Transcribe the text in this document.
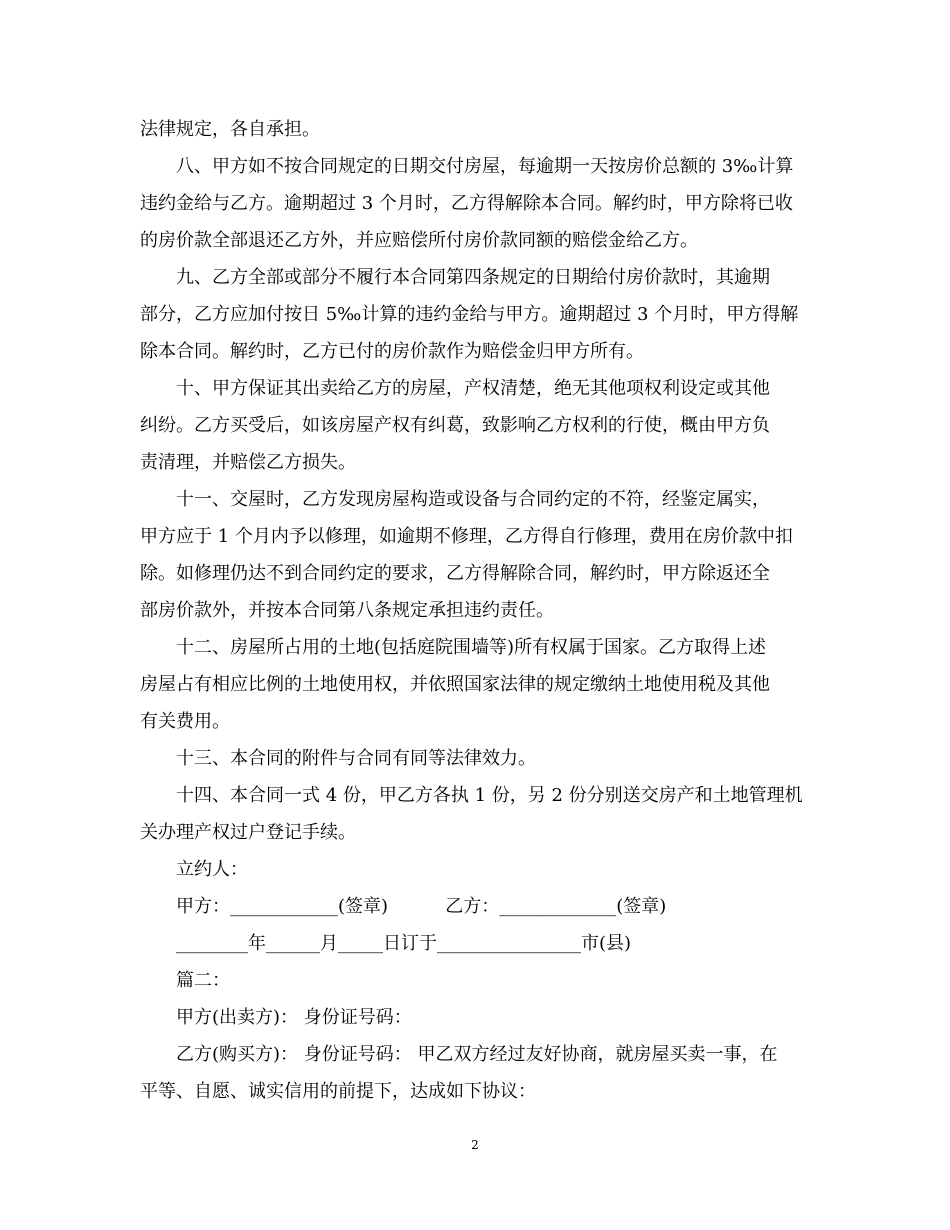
法律规定，各自承担。
八、甲方如不按合同规定的日期交付房屋，每逾期一天按房价总额的 3‰计算
违约金给与乙方。逾期超过 3 个月时，乙方得解除本合同。解约时，甲方除将已收
的房价款全部退还乙方外，并应赔偿所付房价款同额的赔偿金给乙方。
九、乙方全部或部分不履行本合同第四条规定的日期给付房价款时，其逾期
部分，乙方应加付按日 5‰计算的违约金给与甲方。逾期超过 3 个月时，甲方得解
除本合同。解约时，乙方已付的房价款作为赔偿金归甲方所有。
十、甲方保证其出卖给乙方的房屋，产权清楚，绝无其他项权利设定或其他
纠纷。乙方买受后，如该房屋产权有纠葛，致影响乙方权利的行使，概由甲方负
责清理，并赔偿乙方损失。
十一、交屋时，乙方发现房屋构造或设备与合同约定的不符，经鉴定属实，
甲方应于 1 个月内予以修理，如逾期不修理，乙方得自行修理，费用在房价款中扣
除。如修理仍达不到合同约定的要求，乙方得解除合同，解约时，甲方除返还全
部房价款外，并按本合同第八条规定承担违约责任。
十二、房屋所占用的土地(包括庭院围墙等)所有权属于国家。乙方取得上述
房屋占有相应比例的土地使用权，并依照国家法律的规定缴纳土地使用税及其他
有关费用。
十三、本合同的附件与合同有同等法律效力。
十四、本合同一式 4 份，甲乙方各执 1 份，另 2 份分别送交房产和土地管理机
关办理产权过户登记手续。
立约人：
甲方：____________(签章)          乙方：_____________(签章)
________年______月_____日订于________________市(县)
篇二：
甲方(出卖方)： 身份证号码：
乙方(购买方)： 身份证号码： 甲乙双方经过友好协商，就房屋买卖一事，在
平等、自愿、诚实信用的前提下，达成如下协议：
2
